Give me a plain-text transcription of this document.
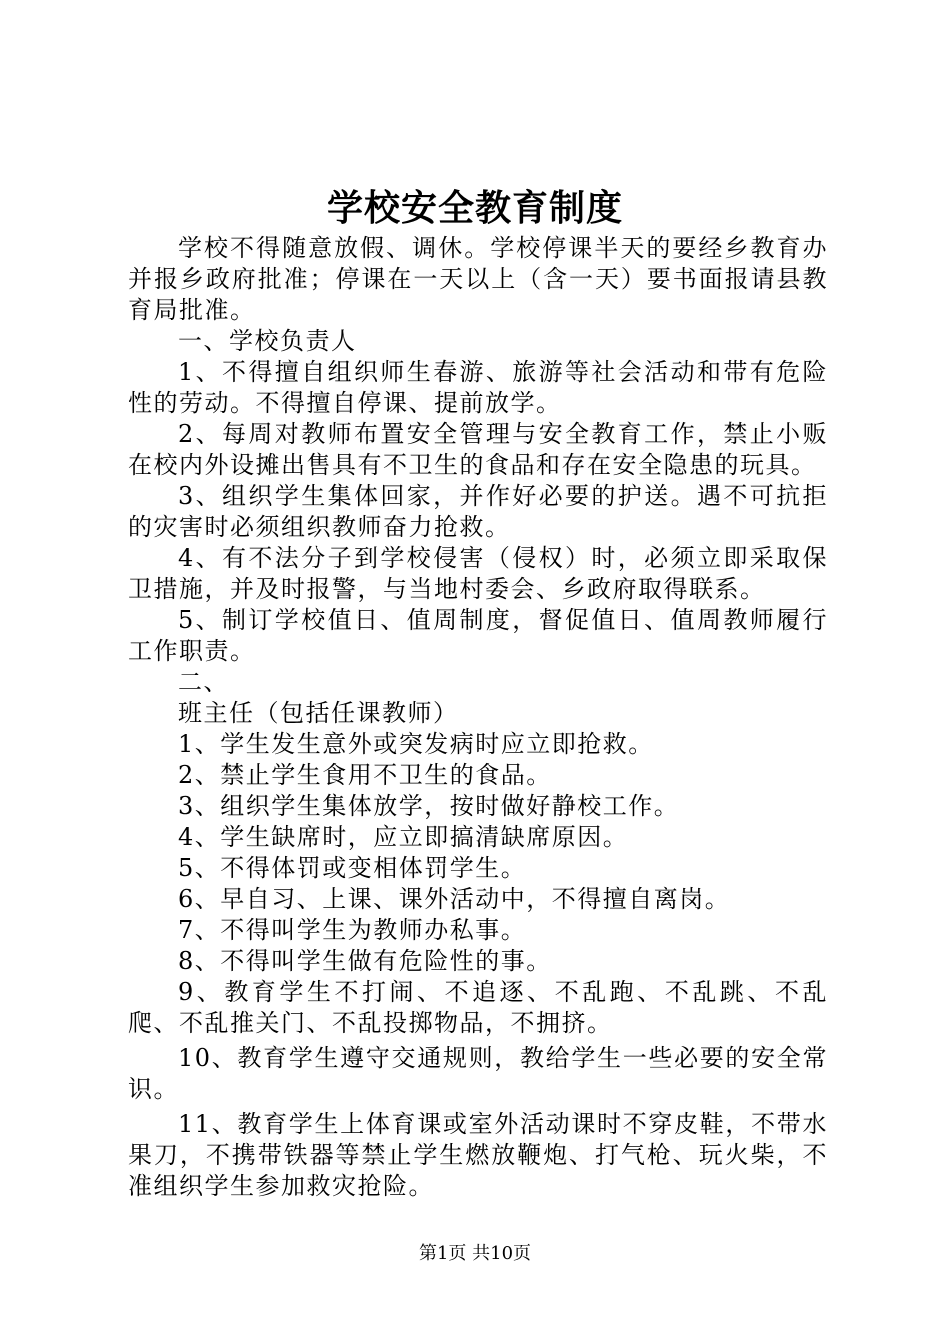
学校安全教育制度

学校不得随意放假、调休。学校停课半天的要经乡教育办并报乡政府批准；停课在一天以上（含一天）要书面报请县教育局批准。

一、学校负责人

1、不得擅自组织师生春游、旅游等社会活动和带有危险性的劳动。不得擅自停课、提前放学。

2、每周对教师布置安全管理与安全教育工作，禁止小贩在校内外设摊出售具有不卫生的食品和存在安全隐患的玩具。

3、组织学生集体回家，并作好必要的护送。遇不可抗拒的灾害时必须组织教师奋力抢救。

4、有不法分子到学校侵害（侵权）时，必须立即采取保卫措施，并及时报警，与当地村委会、乡政府取得联系。

5、制订学校值日、值周制度，督促值日、值周教师履行工作职责。

二、

班主任（包括任课教师）

1、学生发生意外或突发病时应立即抢救。

2、禁止学生食用不卫生的食品。

3、组织学生集体放学，按时做好静校工作。

4、学生缺席时，应立即搞清缺席原因。

5、不得体罚或变相体罚学生。

6、早自习、上课、课外活动中，不得擅自离岗。

7、不得叫学生为教师办私事。

8、不得叫学生做有危险性的事。

9、教育学生不打闹、不追逐、不乱跑、不乱跳、不乱爬、不乱推关门、不乱投掷物品，不拥挤。

10、教育学生遵守交通规则，教给学生一些必要的安全常识。

11、教育学生上体育课或室外活动课时不穿皮鞋，不带水果刀，不携带铁器等禁止学生燃放鞭炮、打气枪、玩火柴，不准组织学生参加救灾抢险。

第1页 共10页
